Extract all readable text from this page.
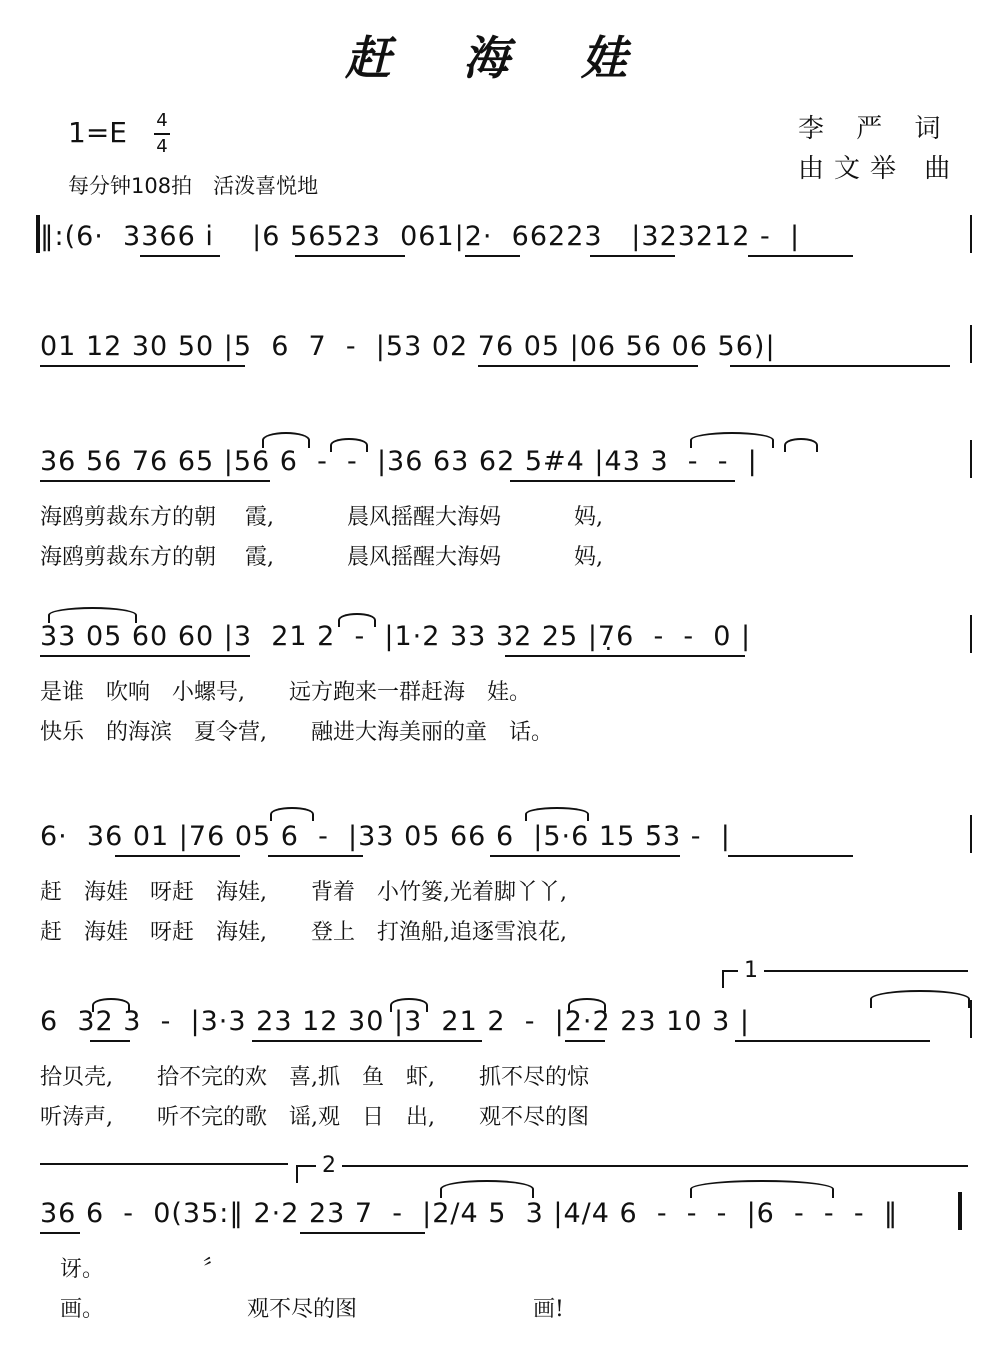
赶 海 娃
1=E 4
4
每分钟108拍　活泼喜悦地
李 严 词
由文举 曲
‖:(6·  3366 i    |6 56523  061|2·  66223   |323212 -  |
01 12 30 50 |5  6  7  -  |53 02 76 05 |06 56 06 56)|
36 56 76 65 |56 6  -  -  |36 63 62 5#4 |43 3  -  -  |
海鸥剪裁东方的朝　 霞,　　　 晨风摇醒大海妈　　　 妈,
海鸥剪裁东方的朝　 霞,　　　 晨风摇醒大海妈　　　 妈,
33 05 60 60 |3  21 2  -  |1·2 33 32 25 |7̣6  -  -  0 |
是谁　吹响　小螺号,　　远方跑来一群赶海　娃。
快乐　的海滨　夏令营,　　融进大海美丽的童　话。
6·  36 01 |76 05 6  -  |33 05 66 6  |5·6 15 5̄3 -  |
赶　海娃　呀赶　海娃,　　背着　小竹篓,光着脚丫丫,
赶　海娃　呀赶　海娃,　　登上　打渔船,追逐雪浪花,
1
6  32 3  -  |3·3 23 12 30 |3  21 2  -  |2·2 23 10 3 |
拾贝壳,　　拾不完的欢　喜,抓　鱼　虾,　　抓不尽的惊
听涛声,　　听不完的歌　谣,观　日　出,　　观不尽的图
2
36 6  -  0(35:‖ 2·2 23 7  -  |2/4 5  3 |4/4 6  -  -  -  |6  -  -  -  ‖
讶。　　　　　〞
画。　　　　　　　观不尽的图　　　　　　　　画!
